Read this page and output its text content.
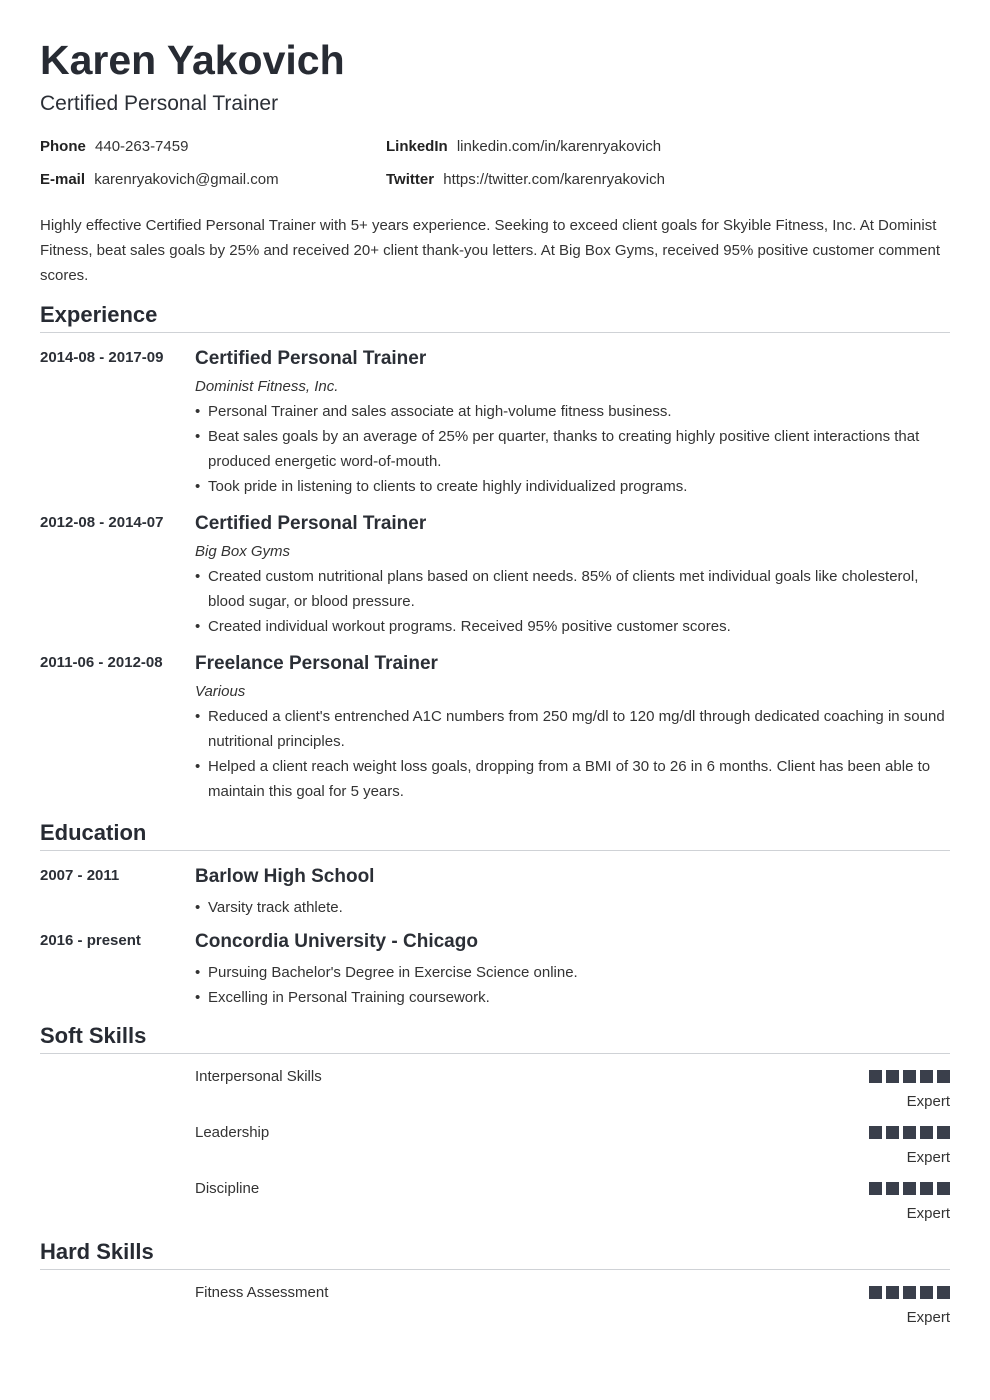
Karen Yakovich

Certified Personal Trainer

Phone 440-263-7459	LinkedIn linkedin.com/in/karenryakovich
E-mail karenryakovich@gmail.com	Twitter https://twitter.com/karenryakovich

Highly effective Certified Personal Trainer with 5+ years experience. Seeking to exceed client goals for Skyible Fitness, Inc. At Dominist Fitness, beat sales goals by 25% and received 20+ client thank-you letters. At Big Box Gyms, received 95% positive customer comment scores.

Experience
2014-08 - 2017-09 Certified Personal Trainer
Dominist Fitness, Inc.
• Personal Trainer and sales associate at high-volume fitness business.
• Beat sales goals by an average of 25% per quarter, thanks to creating highly positive client interactions that produced energetic word-of-mouth.
• Took pride in listening to clients to create highly individualized programs.
2012-08 - 2014-07 Certified Personal Trainer
Big Box Gyms
• Created custom nutritional plans based on client needs. 85% of clients met individual goals like cholesterol, blood sugar, or blood pressure.
• Created individual workout programs. Received 95% positive customer scores.
2011-06 - 2012-08 Freelance Personal Trainer
Various
• Reduced a client's entrenched A1C numbers from 250 mg/dl to 120 mg/dl through dedicated coaching in sound nutritional principles.
• Helped a client reach weight loss goals, dropping from a BMI of 30 to 26 in 6 months. Client has been able to maintain this goal for 5 years.
Education
2007 - 2011	Barlow High School
• Varsity track athlete.
2016 - present	Concordia University - Chicago
• Pursuing Bachelor's Degree in Exercise Science online.
• Excelling in Personal Training coursework.
Soft Skills
Interpersonal Skills
Expert
Leadership
Expert
Discipline
Expert
Hard Skills
Fitness Assessment
Expert
